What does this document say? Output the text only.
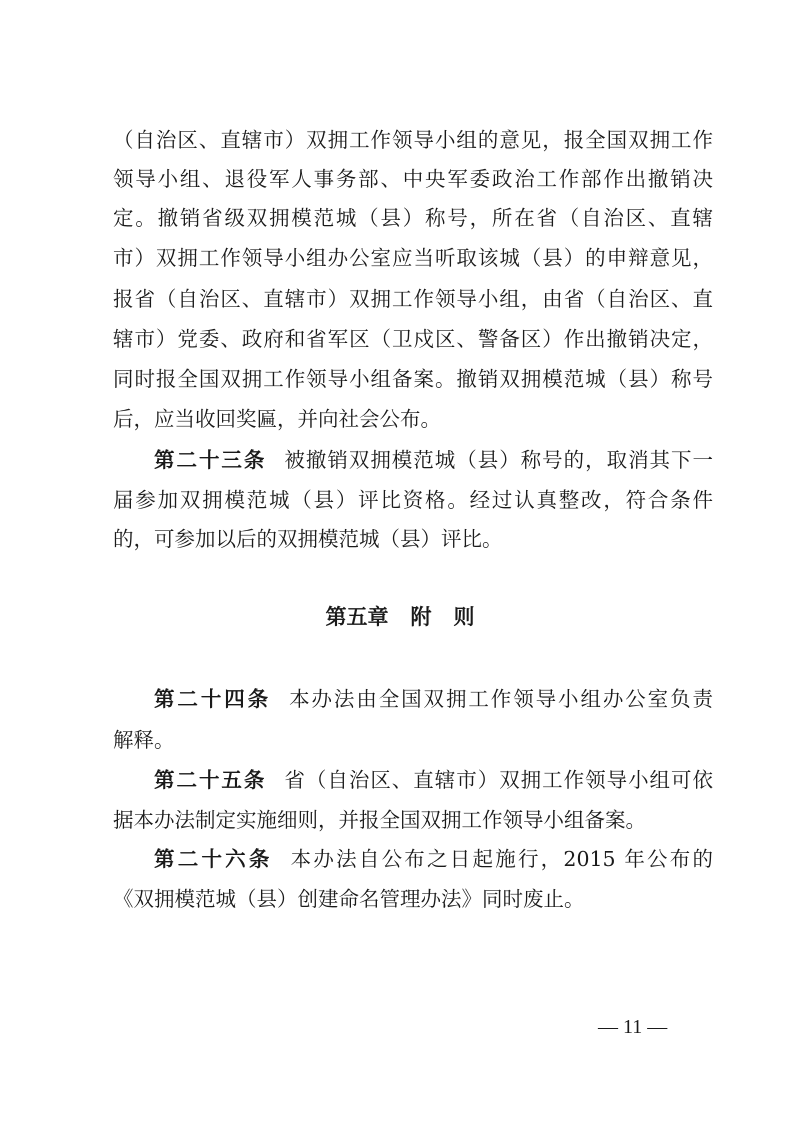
（自治区、直辖市）双拥工作领导小组的意见，报全国双拥工作
领导小组、退役军人事务部、中央军委政治工作部作出撤销决
定。撤销省级双拥模范城（县）称号，所在省（自治区、直辖
市）双拥工作领导小组办公室应当听取该城（县）的申辩意见，
报省（自治区、直辖市）双拥工作领导小组，由省（自治区、直
辖市）党委、政府和省军区（卫戍区、警备区）作出撤销决定，
同时报全国双拥工作领导小组备案。撤销双拥模范城（县）称号
后，应当收回奖匾，并向社会公布。
第二十三条 被撤销双拥模范城（县）称号的，取消其下一
届参加双拥模范城（县）评比资格。经过认真整改，符合条件
的，可参加以后的双拥模范城（县）评比。
第五章 附 则
第二十四条 本办法由全国双拥工作领导小组办公室负责
解释。
第二十五条 省（自治区、直辖市）双拥工作领导小组可依
据本办法制定实施细则，并报全国双拥工作领导小组备案。
第二十六条 本办法自公布之日起施行，2015 年公布的
《双拥模范城（县）创建命名管理办法》同时废止。
— 11 —
